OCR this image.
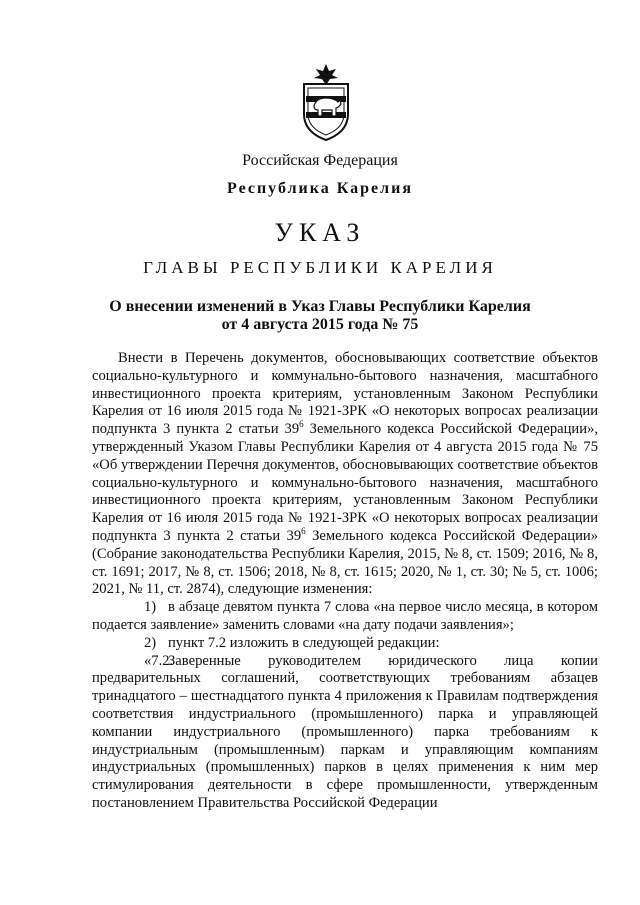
Российская Федерация
Республика Карелия
УКАЗ
ГЛАВЫ РЕСПУБЛИКИ КАРЕЛИЯ
О внесении изменений в Указ Главы Республики Карелия
от 4 августа 2015 года № 75

Внести в Перечень документов, обосновывающих соответствие объектов социально-культурного и коммунально-бытового назначения, масштабного инвестиционного проекта критериям, установленным Законом Республики Карелия от 16 июля 2015 года № 1921-ЗРК «О некоторых вопросах реализации подпункта 3 пункта 2 статьи $39^6$ Земельного кодекса Российской Федерации», утвержденный Указом Главы Республики Карелия от 4 августа 2015 года № 75 «Об утверждении Перечня документов, обосновывающих соответствие объектов социально-культурного и коммунально-бытового назначения, масштабного инвестиционного проекта критериям, установленным Законом Республики Карелия от 16 июля 2015 года № 1921-ЗРК «О некоторых вопросах реализации подпункта 3 пункта 2 статьи $39^6$ Земельного кодекса Российской Федерации» (Собрание законодательства Республики Карелия, 2015, № 8, ст. 1509; 2016, № 8, ст. 1691; 2017, № 8, ст. 1506; 2018, № 8, ст. 1615; 2020, № 1, ст. 30; № 5, ст. 1006; 2021, № 11, ст. 2874), следующие изменения:

1) в абзаце девятом пункта 7 слова «на первое число месяца, в котором подается заявление» заменить словами «на дату подачи заявления»;

2) пункт 7.2 изложить в следующей редакции:

«7.2.Заверенные руководителем юридического лица копии предварительных соглашений, соответствующих требованиям абзацев тринадцатого – шестнадцатого пункта 4 приложения к Правилам подтверждения соответствия индустриального (промышленного) парка и управляющей компании индустриального (промышленного) парка требованиям к индустриальным (промышленным) паркам и управляющим компаниям индустриальных (промышленных) парков в целях применения к ним мер стимулирования деятельности в сфере промышленности, утвержденным постановлением Правительства Российской Федерации
